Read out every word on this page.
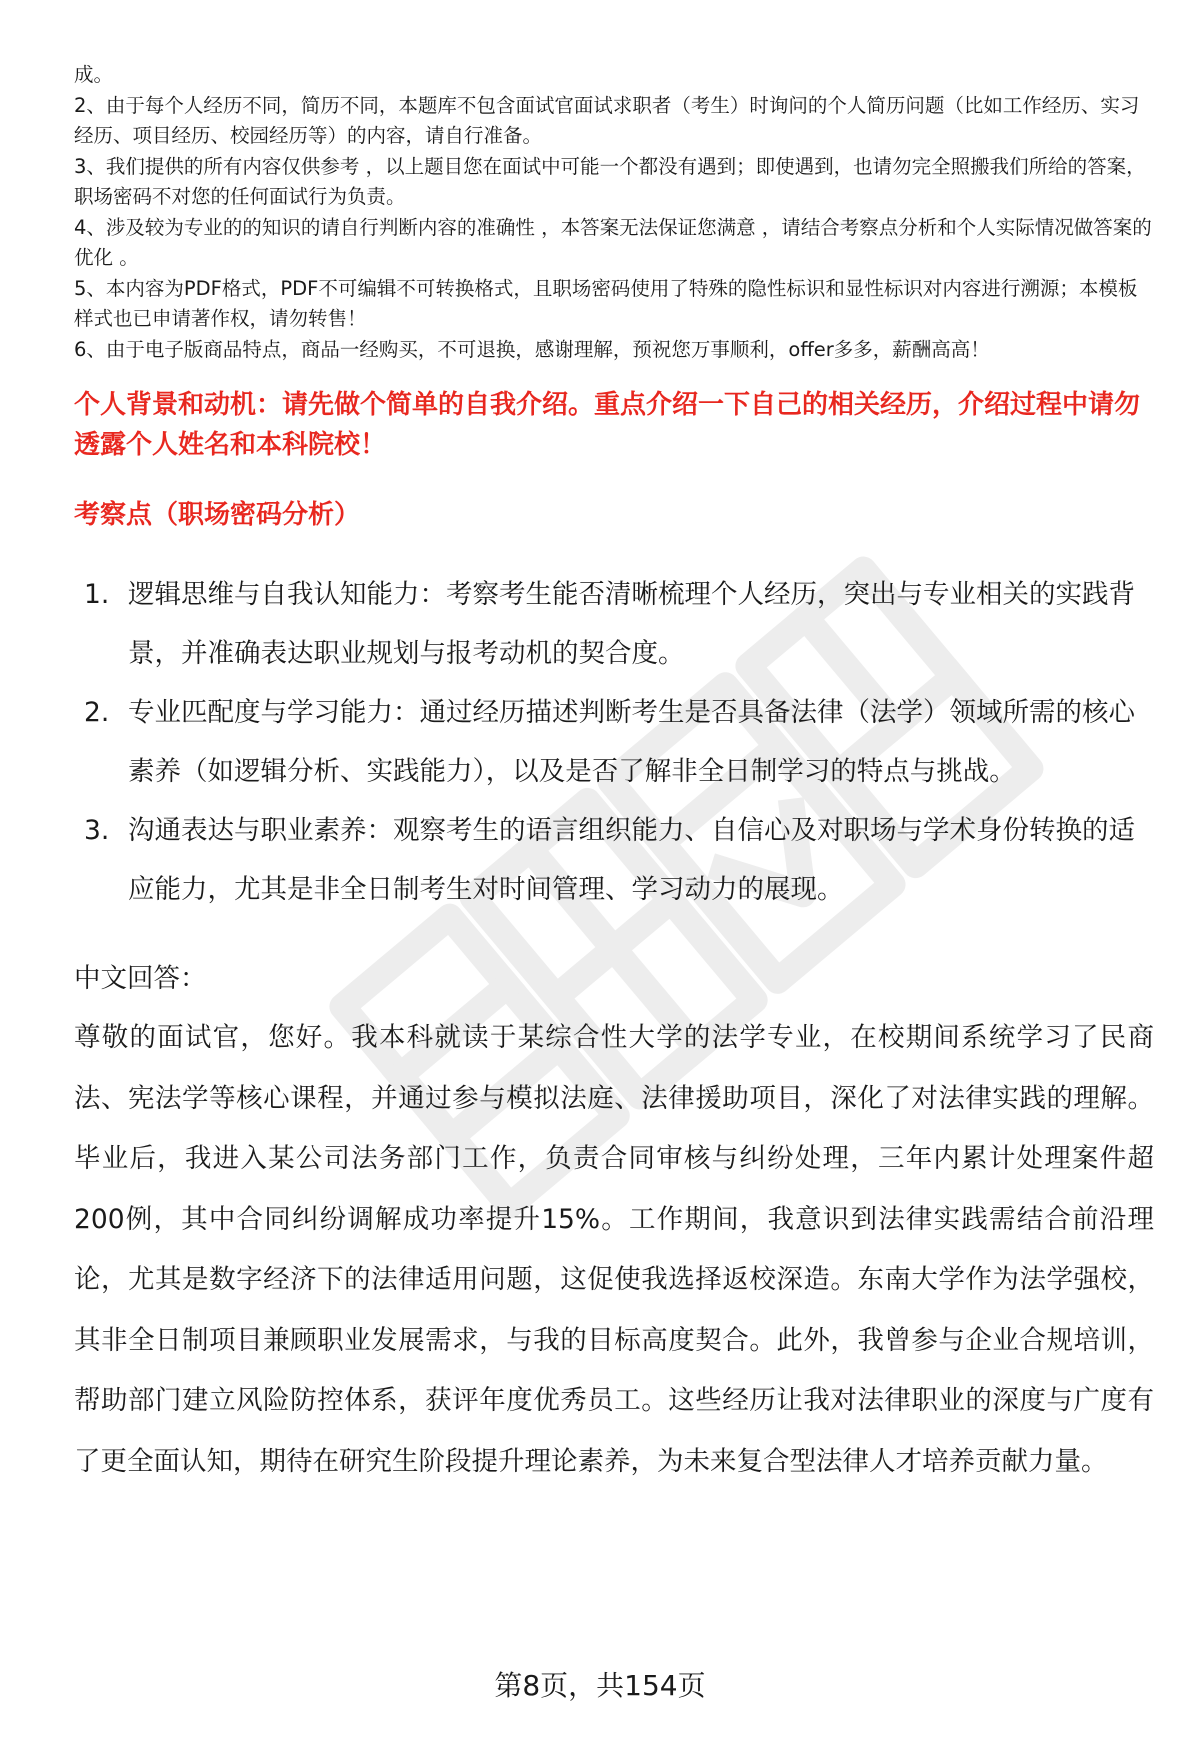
成。
2、由于每个人经历不同，简历不同，本题库不包含面试官面试求职者（考生）时询问的个人简历问题（比如工作经历、实习经历、项目经历、校园经历等）的内容，请自行准备。
3、我们提供的所有内容仅供参考 ，以上题目您在面试中可能一个都没有遇到；即使遇到，也请勿完全照搬我们所给的答案，职场密码不对您的任何面试行为负责。
4、涉及较为专业的的知识的请自行判断内容的准确性 ，本答案无法保证您满意 ，请结合考察点分析和个人实际情况做答案的优化 。
5、本内容为PDF格式，PDF不可编辑不可转换格式，且职场密码使用了特殊的隐性标识和显性标识对内容进行溯源；本模板样式也已申请著作权，请勿转售！
6、由于电子版商品特点，商品一经购买，不可退换，感谢理解，预祝您万事顺利，offer多多，薪酬高高！
个人背景和动机：请先做个简单的自我介绍。重点介绍一下自己的相关经历，介绍过程中请勿透露个人姓名和本科院校！
考察点（职场密码分析）
1. 逻辑思维与自我认知能力：考察考生能否清晰梳理个人经历，突出与专业相关的实践背景，并准确表达职业规划与报考动机的契合度。
2. 专业匹配度与学习能力：通过经历描述判断考生是否具备法律（法学）领域所需的核心素养（如逻辑分析、实践能力），以及是否了解非全日制学习的特点与挑战。
3. 沟通表达与职业素养：观察考生的语言组织能力、自信心及对职场与学术身份转换的适应能力，尤其是非全日制考生对时间管理、学习动力的展现。
中文回答：

尊敬的面试官，您好。我本科就读于某综合性大学的法学专业，在校期间系统学习了民商法、宪法学等核心课程，并通过参与模拟法庭、法律援助项目，深化了对法律实践的理解。毕业后，我进入某公司法务部门工作，负责合同审核与纠纷处理，三年内累计处理案件超200例，其中合同纠纷调解成功率提升15%。工作期间，我意识到法律实践需结合前沿理论，尤其是数字经济下的法律适用问题，这促使我选择返校深造。东南大学作为法学强校，其非全日制项目兼顾职业发展需求，与我的目标高度契合。此外，我曾参与企业合规培训，帮助部门建立风险防控体系，获评年度优秀员工。这些经历让我对法律职业的深度与广度有了更全面认知，期待在研究生阶段提升理论素养，为未来复合型法律人才培养贡献力量。

第8页，共154页
